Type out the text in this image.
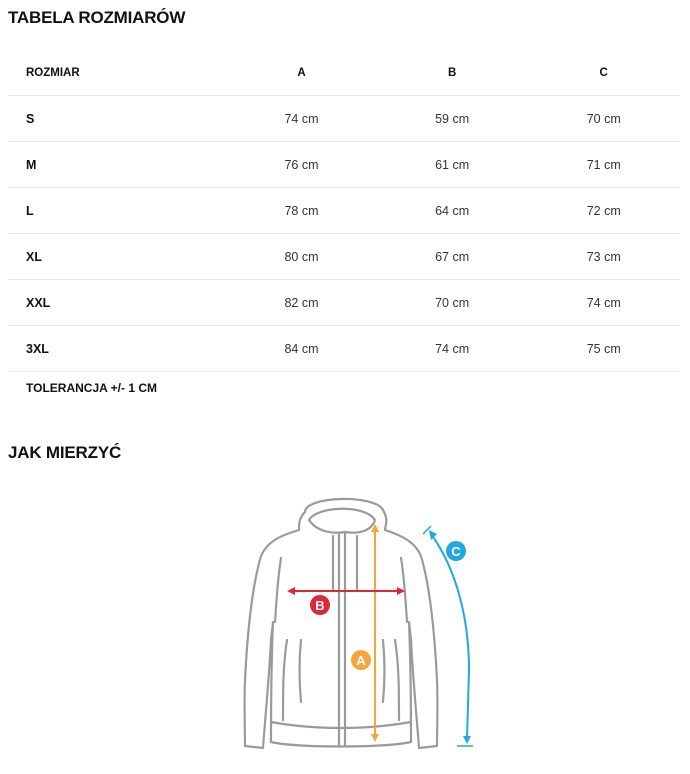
TABELA ROZMIARÓW
ROZMIAR	A	B	C
S	74 cm	59 cm	70 cm
M	76 cm	61 cm	71 cm
L	78 cm	64 cm	72 cm
XL	80 cm	67 cm	73 cm
XXL	82 cm	70 cm	74 cm
3XL	84 cm	74 cm	75 cm
TOLERANCJA +/- 1 CM
JAK MIERZYĆ
A
B
C
